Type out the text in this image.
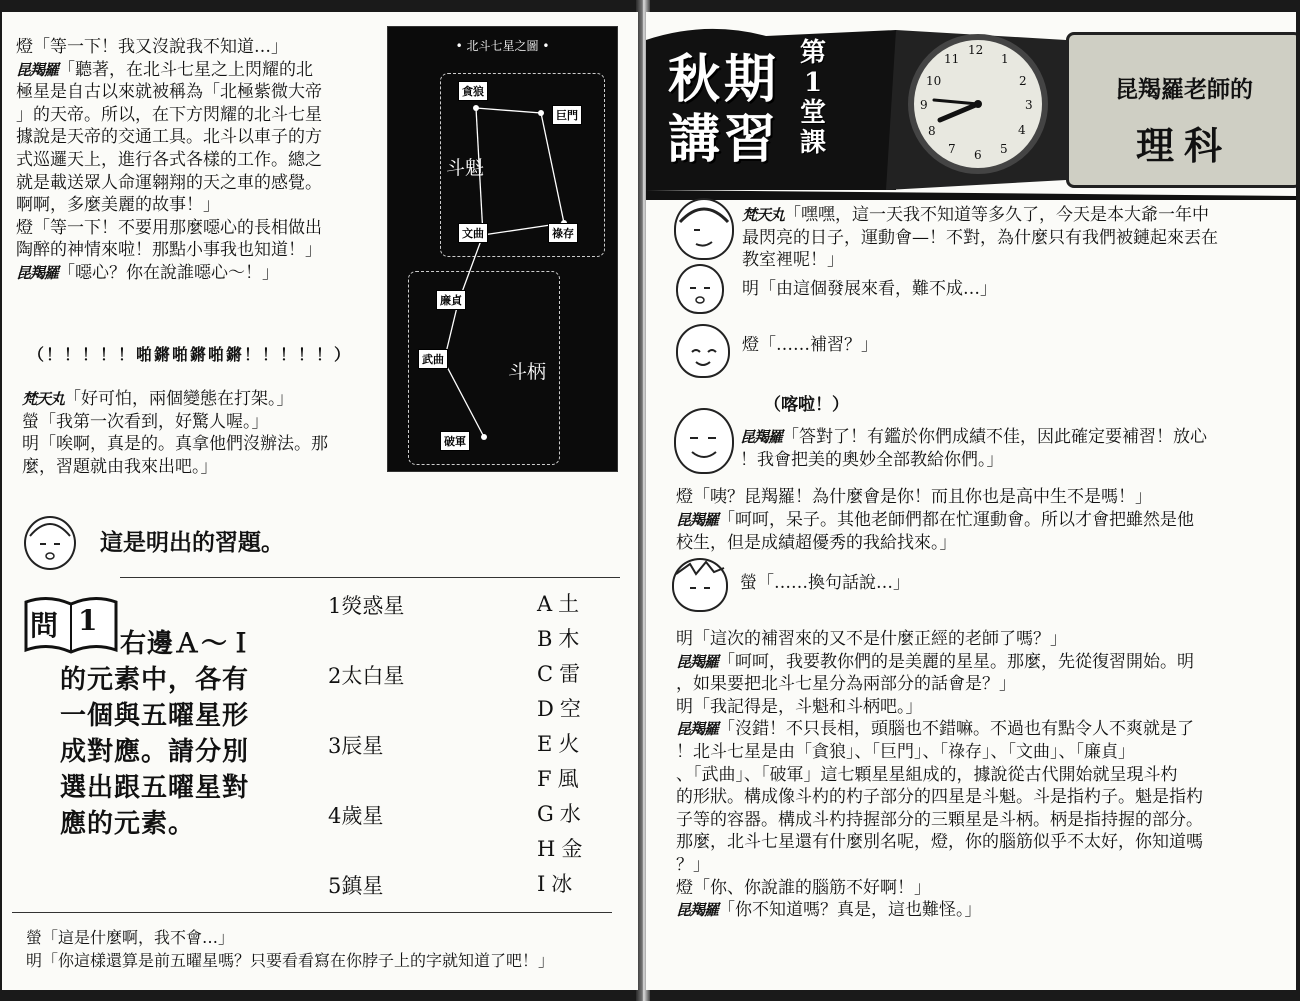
燈「等一下！我又沒說我不知道…」
昆羯羅「聽著，在北斗七星之上閃耀的北
極星是自古以來就被稱為「北極紫微大帝
」的天帝。所以，在下方閃耀的北斗七星
據說是天帝的交通工具。北斗以車子的方
式巡邏天上，進行各式各樣的工作。總之
就是載送眾人命運翱翔的天之車的感覺。
啊啊，多麼美麗的故事！」
燈「等一下！不要用那麼噁心的長相做出
陶醉的神情來啦！那點小事我也知道！」
昆羯羅「噁心？你在說誰噁心〜！」
（！！！！！啪鏘啪鏘啪鏘！！！！！）
梵天丸「好可怕，兩個變態在打架。」
螢「我第一次看到，好驚人喔。」
明「唉啊，真是的。真拿他們沒辦法。那
麼，習題就由我來出吧。」
• 北斗七星之圖 •
斗魁
斗柄
貪狼
巨門
祿存
文曲
廉貞
武曲
破軍
這是明出的習題。
問 1
右邊Ａ～Ｉ
的元素中，各有
一個與五曜星形
成對應。請分別
選出跟五曜星對
應的元素。
1熒惑星
2太白星
3辰星
4歲星
5鎮星
A土
B木
C雷
D空
E火
F風
G水
H金
I冰
螢「這是什麼啊，我不會…」
明「你這樣還算是前五曜星嗎？只要看看寫在你脖子上的字就知道了吧！」
秋期
講習
第
1
堂
課
12
1
2
3
4
5
6
7
8
9
10
11
昆羯羅老師的
理科
梵天丸「嘿嘿，這一天我不知道等多久了，今天是本大爺一年中
最閃亮的日子，運動會—！不對，為什麼只有我們被鏈起來丟在
教室裡呢！」
明「由這個發展來看，難不成…」
燈「……補習？」
（喀啦！）
昆羯羅「答對了！有鑑於你們成績不佳，因此確定要補習！放心
！我會把美的奧妙全部教給你們。」
燈「咦？昆羯羅！為什麼會是你！而且你也是高中生不是嗎！」
昆羯羅「呵呵，呆子。其他老師們都在忙運動會。所以才會把雖然是他
校生，但是成績超優秀的我給找來。」
螢「……換句話說…」
明「這次的補習來的又不是什麼正經的老師了嗎？」
昆羯羅「呵呵，我要教你們的是美麗的星星。那麼，先從復習開始。明
，如果要把北斗七星分為兩部分的話會是？」
明「我記得是，斗魁和斗柄吧。」
昆羯羅「沒錯！不只長相，頭腦也不錯嘛。不過也有點令人不爽就是了
！北斗七星是由「貪狼」、「巨門」、「祿存」、「文曲」、「廉貞」
、「武曲」、「破軍」這七顆星星組成的，據說從古代開始就呈現斗杓
的形狀。構成像斗杓的杓子部分的四星是斗魁。斗是指杓子。魁是指杓
子等的容器。構成斗杓持握部分的三顆星是斗柄。柄是指持握的部分。
那麼，北斗七星還有什麼別名呢，燈，你的腦筋似乎不太好，你知道嗎
？」
燈「你、你說誰的腦筋不好啊！」
昆羯羅「你不知道嗎？真是，這也難怪。」
